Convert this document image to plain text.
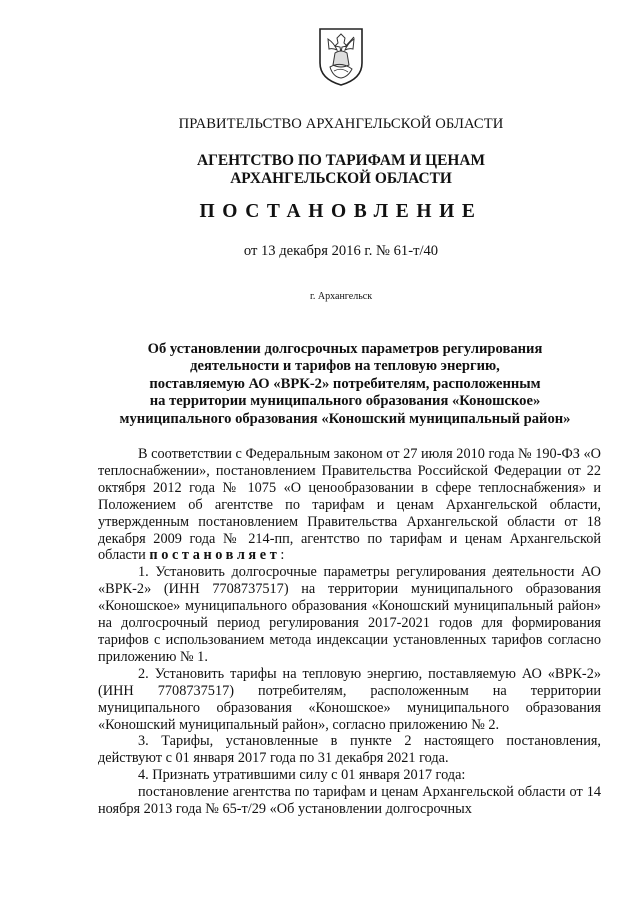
ПРАВИТЕЛЬСТВО АРХАНГЕЛЬСКОЙ ОБЛАСТИ
АГЕНТСТВО ПО ТАРИФАМ И ЦЕНАМ
АРХАНГЕЛЬСКОЙ ОБЛАСТИ
ПОСТАНОВЛЕНИЕ
от 13 декабря 2016 г. № 61-т/40
г. Архангельск
Об установлении долгосрочных параметров регулирования
деятельности и тарифов на тепловую энергию,
поставляемую АО «ВРК-2» потребителям, расположенным
на территории муниципального образования «Коношское»
муниципального образования «Коношский муниципальный район»

В соответствии с Федеральным законом от 27 июля 2010 года № 190-ФЗ «О теплоснабжении», постановлением Правительства Российской Федерации от 22 октября 2012 года № 1075 «О ценообразовании в сфере теплоснабжения» и Положением об агентстве по тарифам и ценам Архангельской области, утвержденным постановлением Правительства Архангельской области от 18 декабря 2009 года № 214-пп, агентство по тарифам и ценам Архангельской области постановляет:

1. Установить долгосрочные параметры регулирования деятельности АО «ВРК-2» (ИНН 7708737517) на территории муниципального образования «Коношское» муниципального образования «Коношский муниципальный район» на долгосрочный период регулирования 2017-2021 годов для формирования тарифов с использованием метода индексации установленных тарифов согласно приложению № 1.

2. Установить тарифы на тепловую энергию, поставляемую АО «ВРК-2» (ИНН 7708737517) потребителям, расположенным на территории муниципального образования «Коношское» муниципального образования «Коношский муниципальный район», согласно приложению № 2.

3. Тарифы, установленные в пункте 2 настоящего постановления, действуют с 01 января 2017 года по 31 декабря 2021 года.

4. Признать утратившими силу с 01 января 2017 года:

постановление агентства по тарифам и ценам Архангельской области от 14 ноября 2013 года № 65-т/29 «Об установлении долгосрочных
